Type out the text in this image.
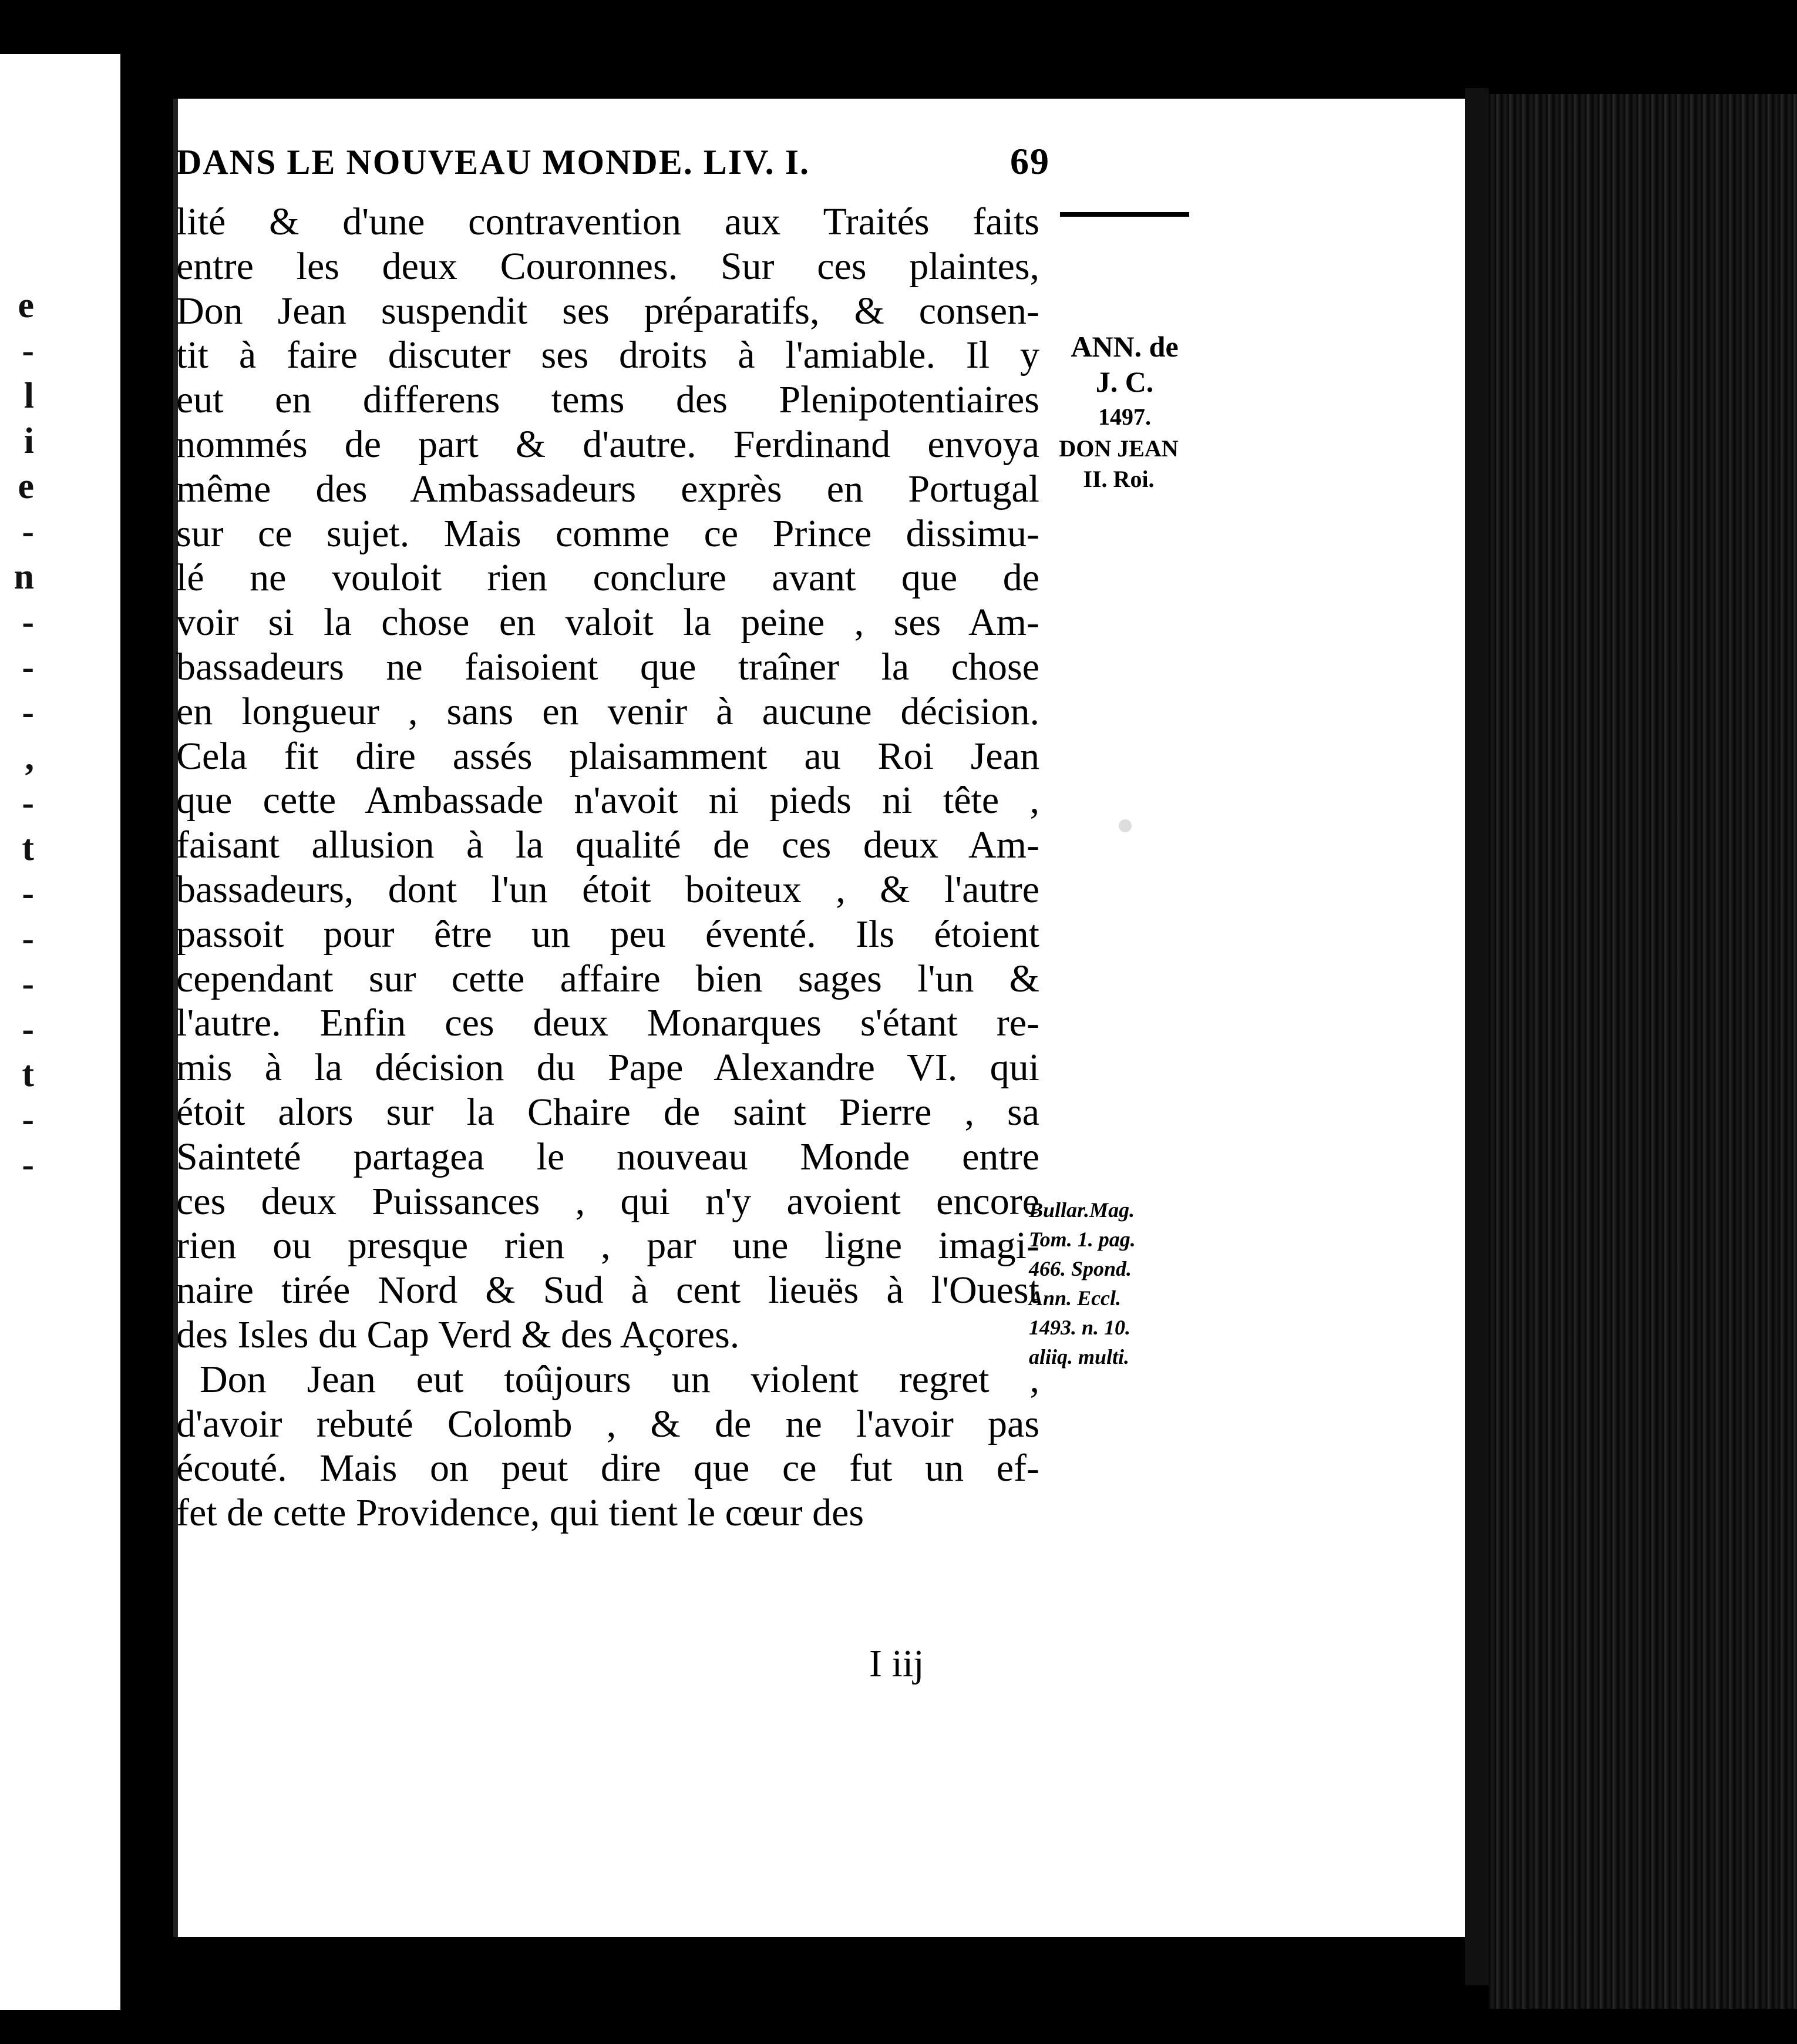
e
-
l
i
e
-
n
-
-
-
,
-
t
-
-
-
-
t
-
-
DANS LE NOUVEAU MONDE. LIV. I.	69
ANN. de
J. C.
1497.
DON JEAN
II. Roi.
Bullar.Mag.
Tom. 1. pag.
466. Spond.
Ann. Eccl.
1493. n. 10.
aliiq. multi.
lité & d'une contravention aux Traités faits
entre les deux Couronnes. Sur ces plaintes,
Don Jean suspendit ses préparatifs, & consen-
tit à faire discuter ses droits à l'amiable. Il y
eut en differens tems des Plenipotentiaires
nommés de part & d'autre. Ferdinand envoya
même des Ambassadeurs exprès en Portugal
sur ce sujet. Mais comme ce Prince dissimu-
lé ne vouloit rien conclure avant que de
voir si la chose en valoit la peine , ses Am-
bassadeurs ne faisoient que traîner la chose
en longueur , sans en venir à aucune décision.
Cela fit dire assés plaisamment au Roi Jean
que cette Ambassade n'avoit ni pieds ni tête ,
faisant allusion à la qualité de ces deux Am-
bassadeurs, dont l'un étoit boiteux , & l'autre
passoit pour être un peu éventé. Ils étoient
cependant sur cette affaire bien sages l'un &
l'autre. Enfin ces deux Monarques s'étant re-
mis à la décision du Pape Alexandre VI. qui
étoit alors sur la Chaire de saint Pierre , sa
Sainteté partagea le nouveau Monde entre
ces deux Puissances , qui n'y avoient encore
rien ou presque rien , par une ligne imagi-
naire tirée Nord & Sud à cent lieuës à l'Ouest
des Isles du Cap Verd & des Açores.
Don Jean eut toûjours un violent regret ,
d'avoir rebuté Colomb , & de ne l'avoir pas
écouté. Mais on peut dire que ce fut un ef-
fet de cette Providence, qui tient le cœur des
I iij
